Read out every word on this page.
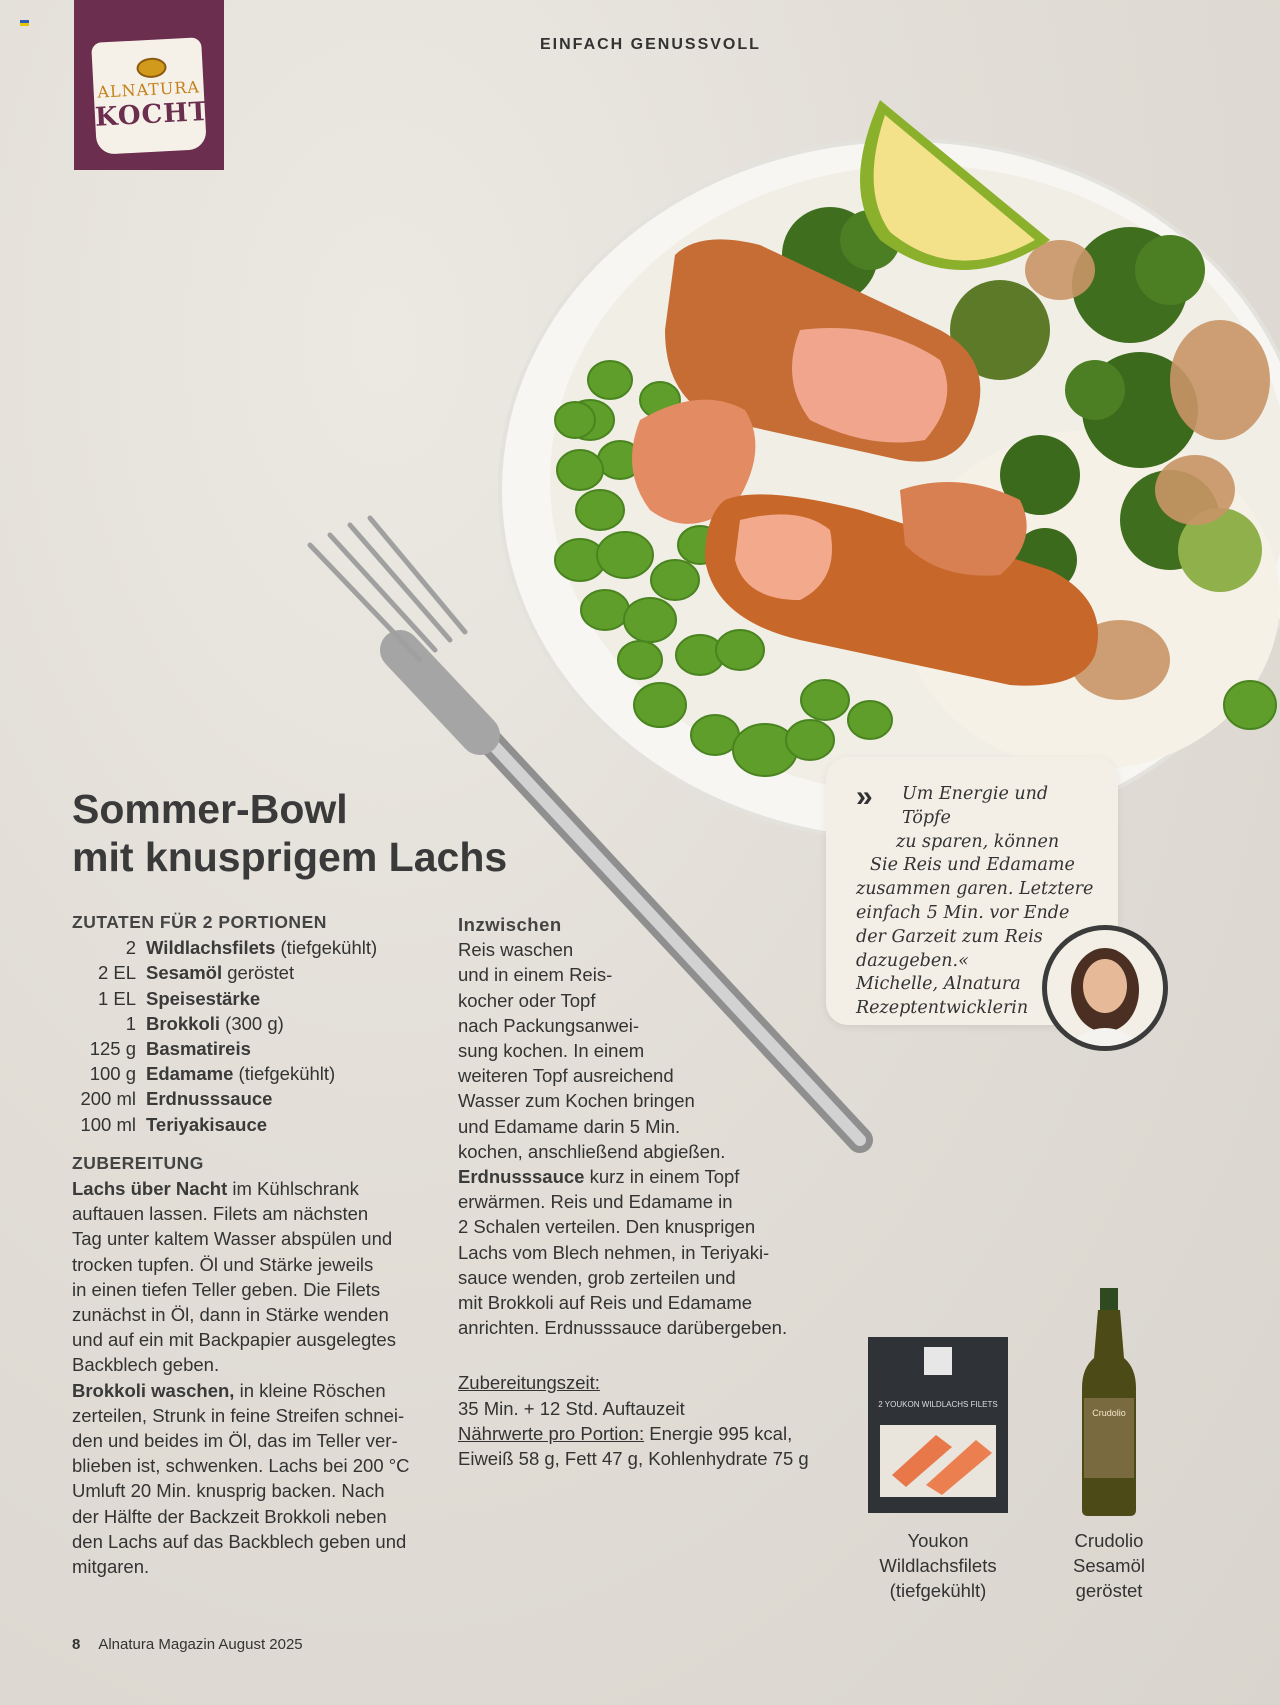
ALNATURA
KOCHT
EINFACH GENUSSVOLL
Sommer-Bowl
mit knusprigem Lachs
ZUTATEN FÜR 2 PORTIONEN
2 Wildlachsfilets (tiefgekühlt)
2 EL Sesamöl geröstet
1 EL Speisestärke
1 Brokkoli (300 g)
125 g Basmatireis
100 g Edamame (tiefgekühlt)
200 ml Erdnusssauce
100 ml Teriyakisauce
ZUBEREITUNG
Lachs über Nacht im Kühlschrank
auftauen lassen. Filets am nächsten
Tag unter kaltem Wasser abspülen und
trocken tupfen. Öl und Stärke jeweils
in einen tiefen Teller geben. Die Filets
zunächst in Öl, dann in Stärke wenden
und auf ein mit Backpapier ausgelegtes
Backblech geben.
Brokkoli waschen, in kleine Röschen
zerteilen, Strunk in feine Streifen schnei-
den und beides im Öl, das im Teller ver-
blieben ist, schwenken. Lachs bei 200 °C
Umluft 20 Min. knusprig backen. Nach
der Hälfte der Backzeit Brokkoli neben
den Lachs auf das Backblech geben und
mitgaren.
Inzwischen
Reis waschen
und in einem Reis-
kocher oder Topf
nach Packungsanwei-
sung kochen. In einem
weiteren Topf ausreichend
Wasser zum Kochen bringen
und Edamame darin 5 Min.
kochen, anschließend abgießen.
Erdnusssauce kurz in einem Topf
erwärmen. Reis und Edamame in
2 Schalen verteilen. Den knusprigen
Lachs vom Blech nehmen, in Teriyaki-
sauce wenden, grob zerteilen und
mit Brokkoli auf Reis und Edamame
anrichten. Erdnusssauce darübergeben.
Zubereitungszeit:
35 Min. + 12 Std. Auftauzeit
Nährwerte pro Portion: Energie 995 kcal,
Eiweiß 58 g, Fett 47 g, Kohlenhydrate 75 g
»	Um Energie und Töpfe
zu sparen, können
Sie Reis und Edamame
zusammen garen. Letztere
einfach 5 Min. vor Ende
der Garzeit zum Reis
dazugeben.«
Michelle, Alnatura
Rezeptentwicklerin
2 YOUKON WILDLACHS FILETS
Crudolio
Youkon
Wildlachsfilets
(tiefgekühlt)
Crudolio
Sesamöl
geröstet
8 Alnatura Magazin August 2025
